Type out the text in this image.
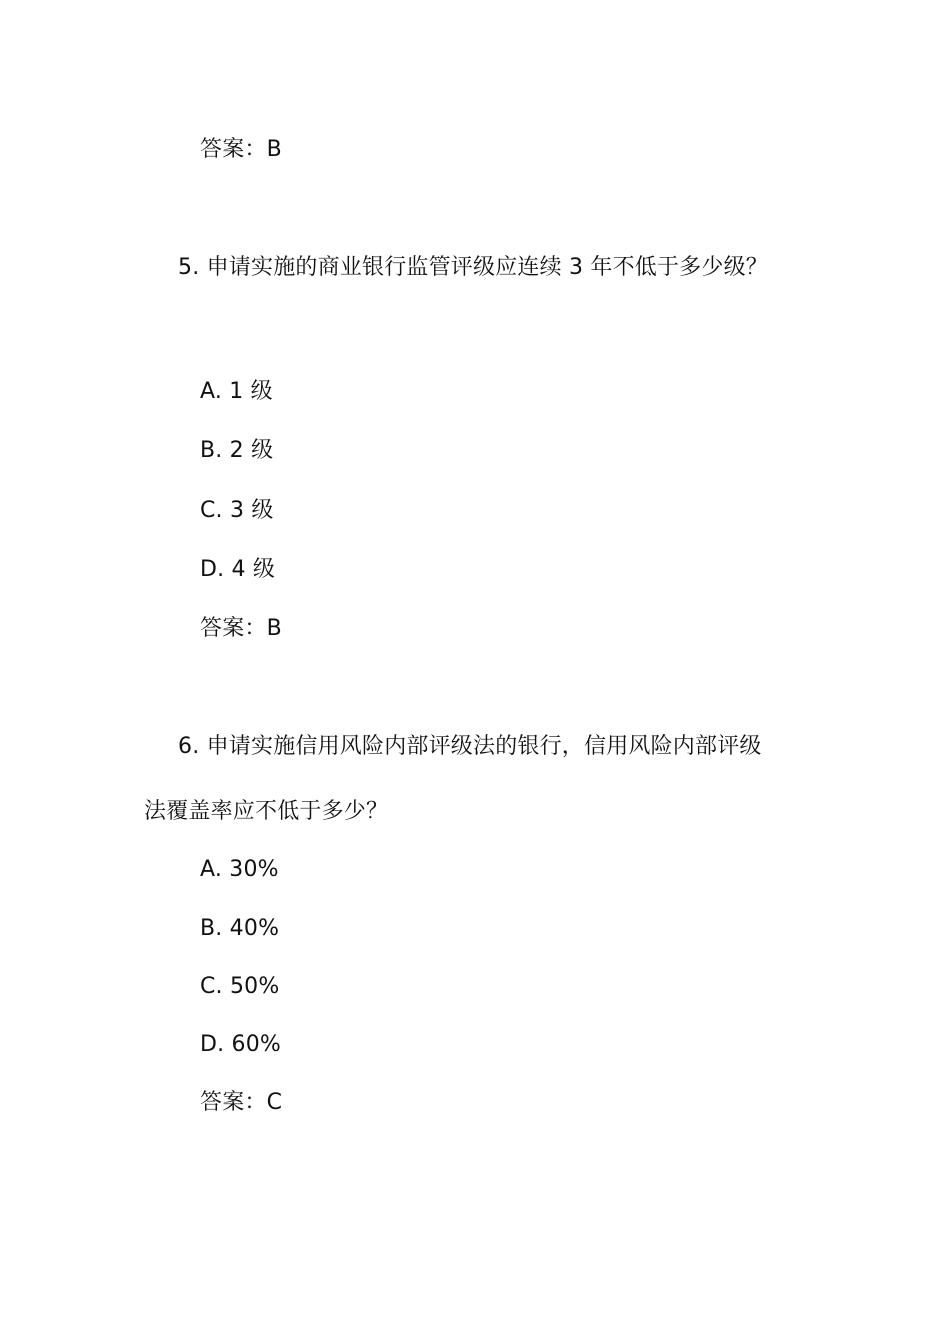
答案：B
5. 申请实施的商业银行监管评级应连续 3 年不低于多少级？
A. 1 级
B. 2 级
C. 3 级
D. 4 级
答案：B
6. 申请实施信用风险内部评级法的银行，信用风险内部评级
法覆盖率应不低于多少？
A. 30%
B. 40%
C. 50%
D. 60%
答案：C
